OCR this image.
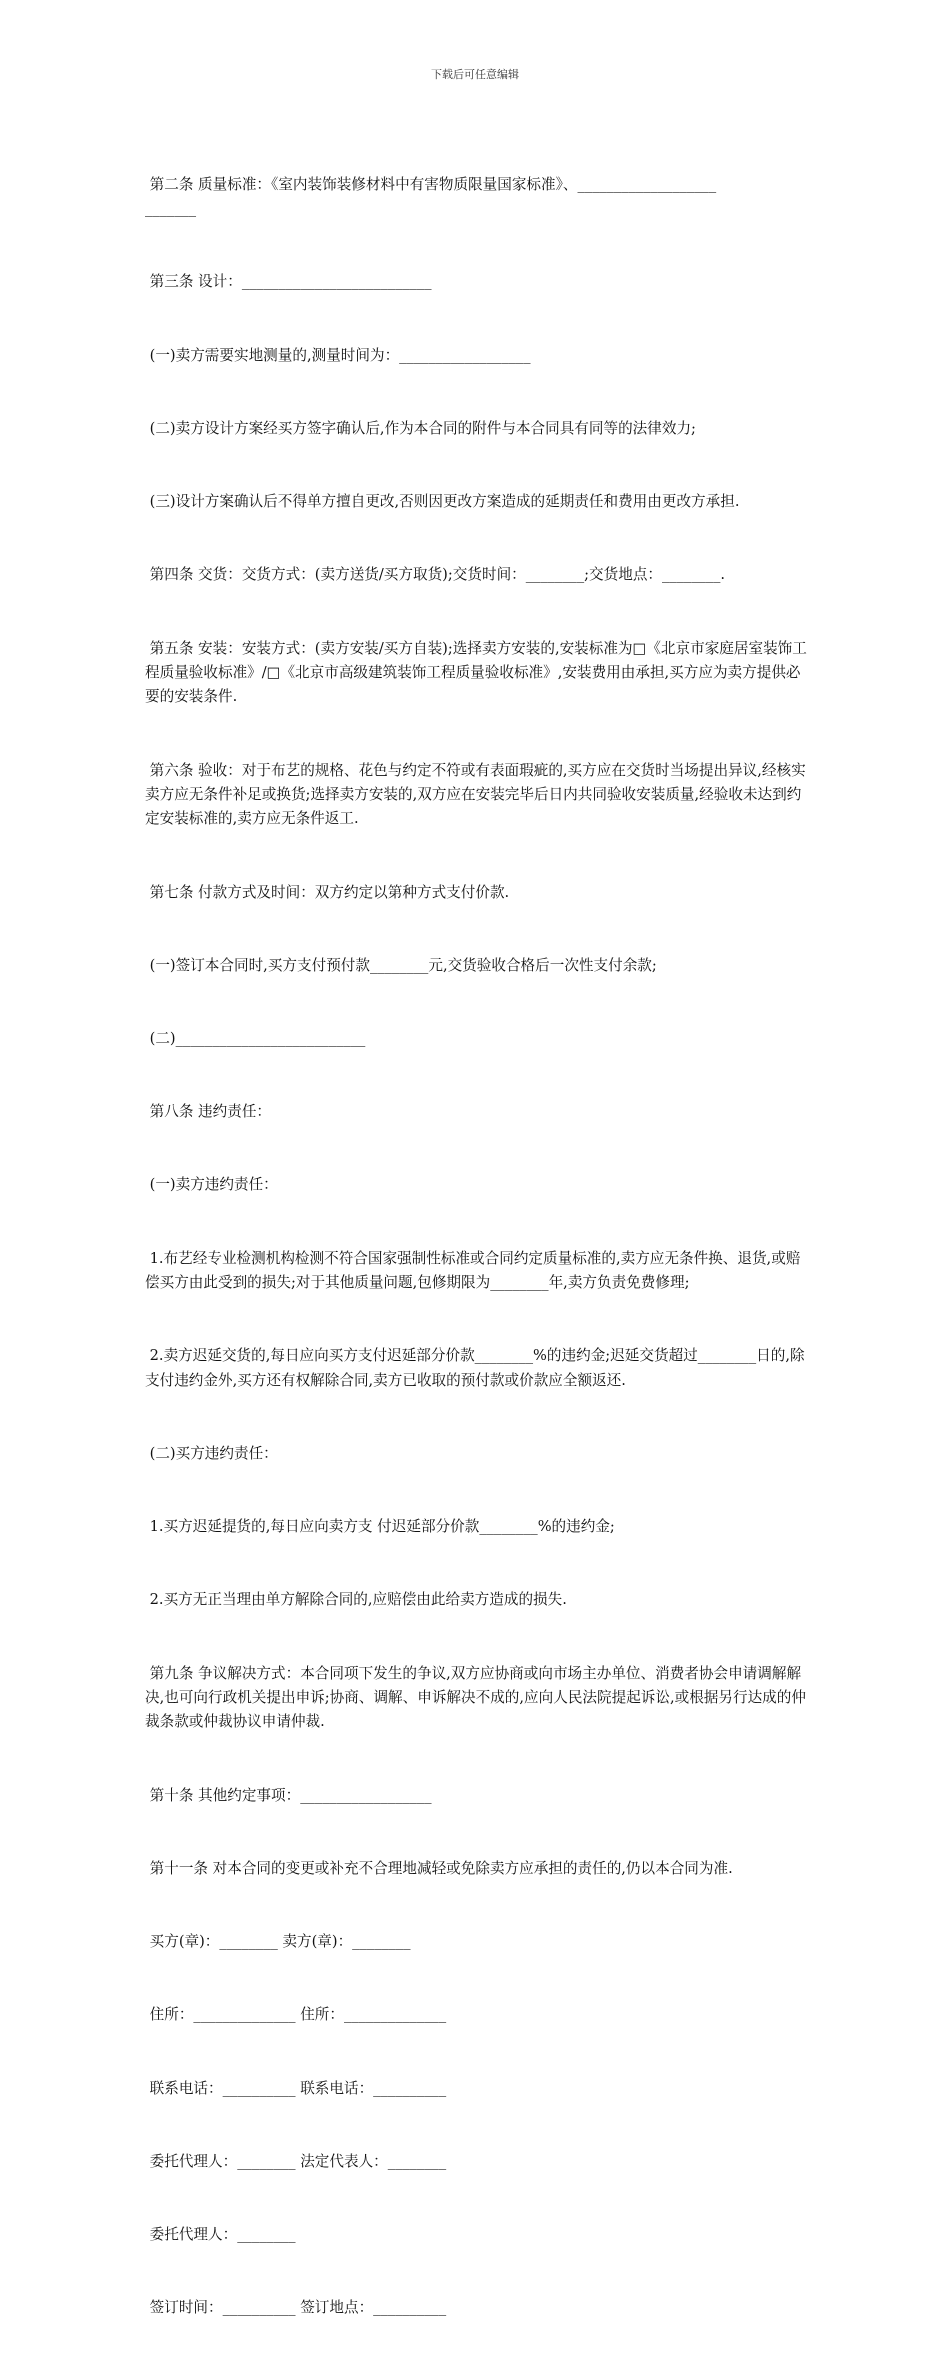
下载后可任意编辑

第二条 质量标准：《室内装饰装修材料中有害物质限量国家标准》、___________________
_______

第三条 设计：__________________________

(一)卖方需要实地测量的,测量时间为：__________________

(二)卖方设计方案经买方签字确认后,作为本合同的附件与本合同具有同等的法律效力;

(三)设计方案确认后不得单方擅自更改,否则因更改方案造成的延期责任和费用由更改方承担.

第四条 交货：交货方式：(卖方送货/买方取货);交货时间：________;交货地点：________.

第五条 安装：安装方式：(卖方安装/买方自装);选择卖方安装的,安装标准为□《北京市家庭居室装饰工程质量验收标准》/□《北京市高级建筑装饰工程质量验收标准》,安装费用由承担,买方应为卖方提供必要的安装条件.

第六条 验收：对于布艺的规格、花色与约定不符或有表面瑕疵的,买方应在交货时当场提出异议,经核实卖方应无条件补足或换货;选择卖方安装的,双方应在安装完毕后日内共同验收安装质量,经验收未达到约定安装标准的,卖方应无条件返工.

第七条 付款方式及时间：双方约定以第种方式支付价款.

(一)签订本合同时,买方支付预付款________元,交货验收合格后一次性支付余款;

(二)__________________________

第八条 违约责任：

(一)卖方违约责任：

1.布艺经专业检测机构检测不符合国家强制性标准或合同约定质量标准的,卖方应无条件换、退货,或赔偿买方由此受到的损失;对于其他质量问题,包修期限为________年,卖方负责免费修理;

2.卖方迟延交货的,每日应向买方支付迟延部分价款________%的违约金;迟延交货超过________日的,除支付违约金外,买方还有权解除合同,卖方已收取的预付款或价款应全额返还.

(二)买方违约责任：

1.买方迟延提货的,每日应向卖方支 付迟延部分价款________%的违约金;

2.买方无正当理由单方解除合同的,应赔偿由此给卖方造成的损失.

第九条 争议解决方式：本合同项下发生的争议,双方应协商或向市场主办单位、消费者协会申请调解解决,也可向行政机关提出申诉;协商、调解、申诉解决不成的,应向人民法院提起诉讼,或根据另行达成的仲裁条款或仲裁协议申请仲裁.

第十条 其他约定事项：__________________

第十一条 对本合同的变更或补充不合理地减轻或免除卖方应承担的责任的,仍以本合同为准.

买方(章)：________ 卖方(章)：________

住所：______________ 住所：______________

联系电话：__________ 联系电话：__________

委托代理人：________ 法定代表人：________

委托代理人：________

签订时间：__________ 签订地点：__________
